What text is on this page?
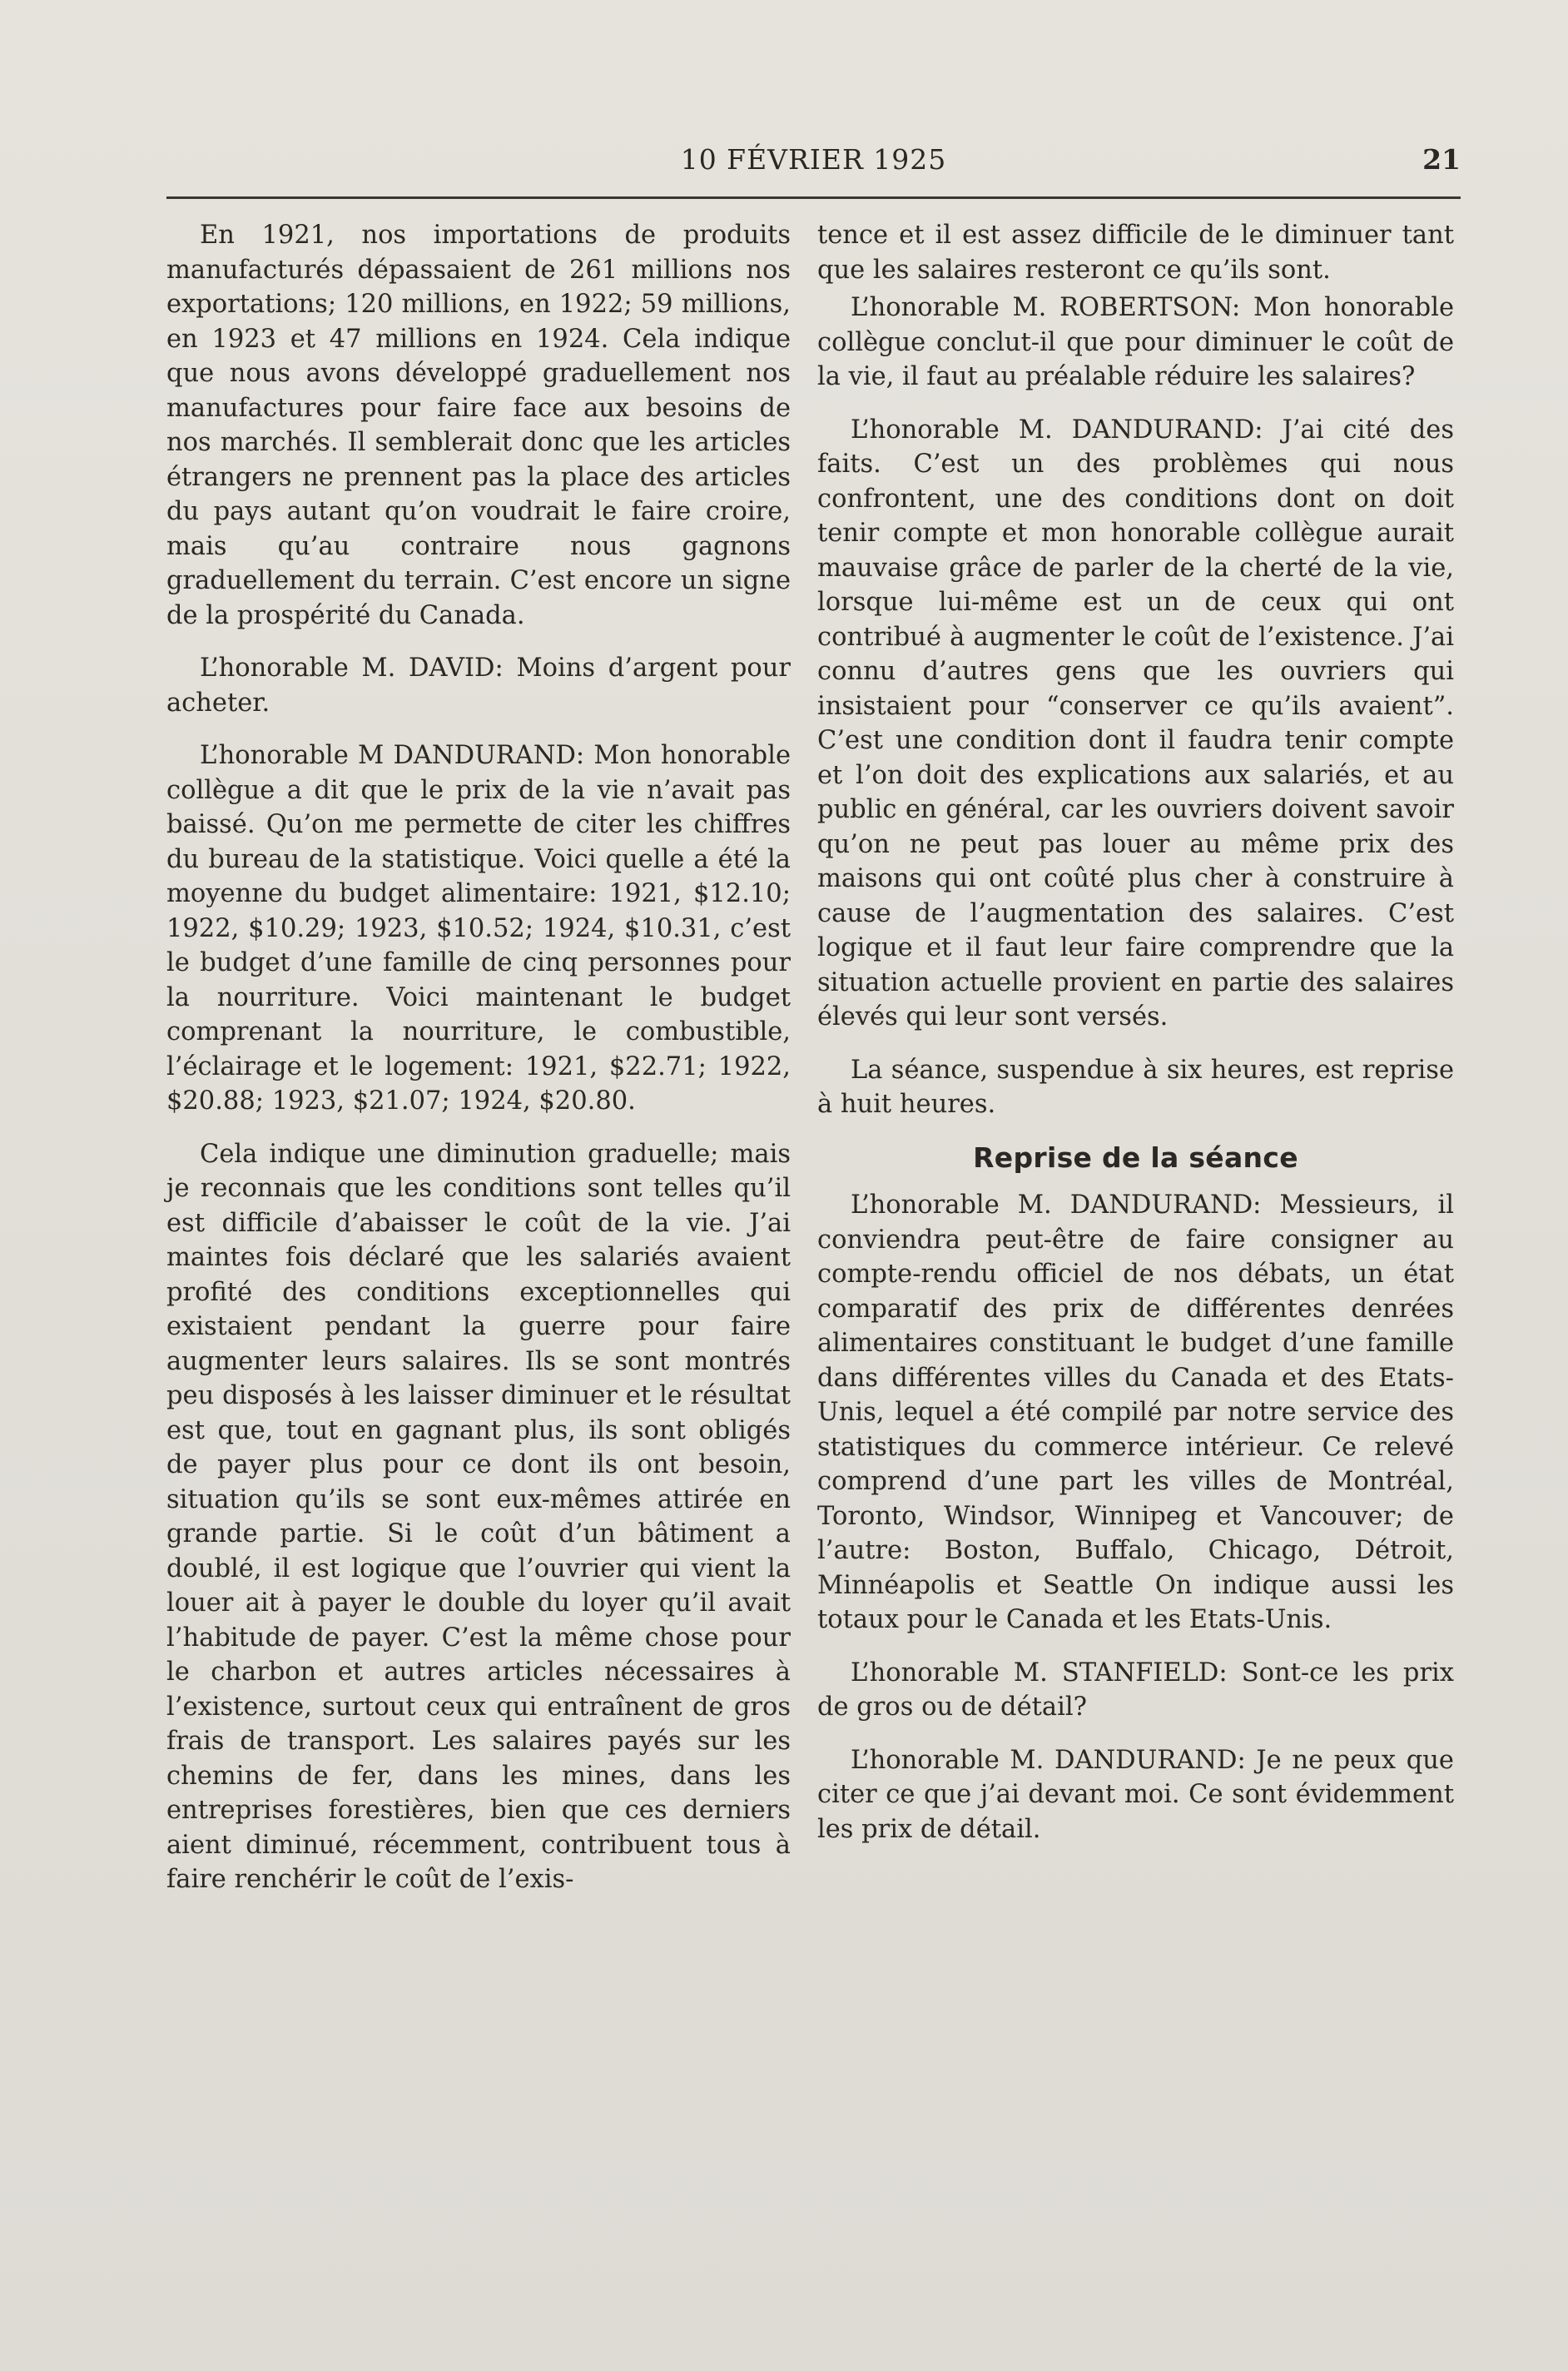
10 FÉVRIER 1925	21

En 1921, nos importations de produits manufacturés dépassaient de 261 millions nos exportations; 120 millions, en 1922; 59 millions, en 1923 et 47 millions en 1924. Cela indique que nous avons développé graduellement nos manufactures pour faire face aux besoins de nos marchés. Il semblerait donc que les articles étrangers ne prennent pas la place des articles du pays autant qu’on voudrait le faire croire, mais qu’au contraire nous gagnons graduellement du terrain. C’est encore un signe de la prospérité du Canada.

L’honorable M. DAVID: Moins d’argent pour acheter.

L’honorable M DANDURAND: Mon honorable collègue a dit que le prix de la vie n’avait pas baissé. Qu’on me permette de citer les chiffres du bureau de la statistique. Voici quelle a été la moyenne du budget alimentaire: 1921, $12.10; 1922, $10.29; 1923, $10.52; 1924, $10.31, c’est le budget d’une famille de cinq personnes pour la nourriture. Voici maintenant le budget comprenant la nourriture, le combustible, l’éclairage et le logement: 1921, $22.71; 1922, $20.88; 1923, $21.07; 1924, $20.80.

Cela indique une diminution graduelle; mais je reconnais que les conditions sont telles qu’il est difficile d’abaisser le coût de la vie. J’ai maintes fois déclaré que les salariés avaient profité des conditions exceptionnelles qui existaient pendant la guerre pour faire augmenter leurs salaires. Ils se sont montrés peu disposés à les laisser diminuer et le résultat est que, tout en gagnant plus, ils sont obligés de payer plus pour ce dont ils ont besoin, situation qu’ils se sont eux-mêmes attirée en grande partie. Si le coût d’un bâtiment a doublé, il est logique que l’ouvrier qui vient la louer ait à payer le double du loyer qu’il avait l’habitude de payer. C’est la même chose pour le charbon et autres articles nécessaires à l’existence, surtout ceux qui entraînent de gros frais de transport. Les salaires payés sur les chemins de fer, dans les mines, dans les entreprises forestières, bien que ces derniers aient diminué, récemment, contribuent tous à faire renchérir le coût de l’exis-

tence et il est assez difficile de le diminuer tant que les salaires resteront ce qu’ils sont.

L’honorable M. ROBERTSON: Mon honorable collègue conclut-il que pour diminuer le coût de la vie, il faut au préalable réduire les salaires?

L’honorable M. DANDURAND: J’ai cité des faits. C’est un des problèmes qui nous confrontent, une des conditions dont on doit tenir compte et mon honorable collègue aurait mauvaise grâce de parler de la cherté de la vie, lorsque lui-même est un de ceux qui ont contribué à augmenter le coût de l’existence. J’ai connu d’autres gens que les ouvriers qui insistaient pour “conserver ce qu’ils avaient”. C’est une condition dont il faudra tenir compte et l’on doit des explications aux salariés, et au public en général, car les ouvriers doivent savoir qu’on ne peut pas louer au même prix des maisons qui ont coûté plus cher à construire à cause de l’augmentation des salaires. C’est logique et il faut leur faire comprendre que la situation actuelle provient en partie des salaires élevés qui leur sont versés.

La séance, suspendue à six heures, est reprise à huit heures.

Reprise de la séance

L’honorable M. DANDURAND: Messieurs, il conviendra peut-être de faire consigner au compte-rendu officiel de nos débats, un état comparatif des prix de différentes denrées alimentaires constituant le budget d’une famille dans différentes villes du Canada et des Etats-Unis, lequel a été compilé par notre service des statistiques du commerce intérieur. Ce relevé comprend d’une part les villes de Montréal, Toronto, Windsor, Winnipeg et Vancouver; de l’autre: Boston, Buffalo, Chicago, Détroit, Minnéapolis et Seattle On indique aussi les totaux pour le Canada et les Etats-Unis.

L’honorable M. STANFIELD: Sont-ce les prix de gros ou de détail?

L’honorable M. DANDURAND: Je ne peux que citer ce que j’ai devant moi. Ce sont évidemment les prix de détail.
